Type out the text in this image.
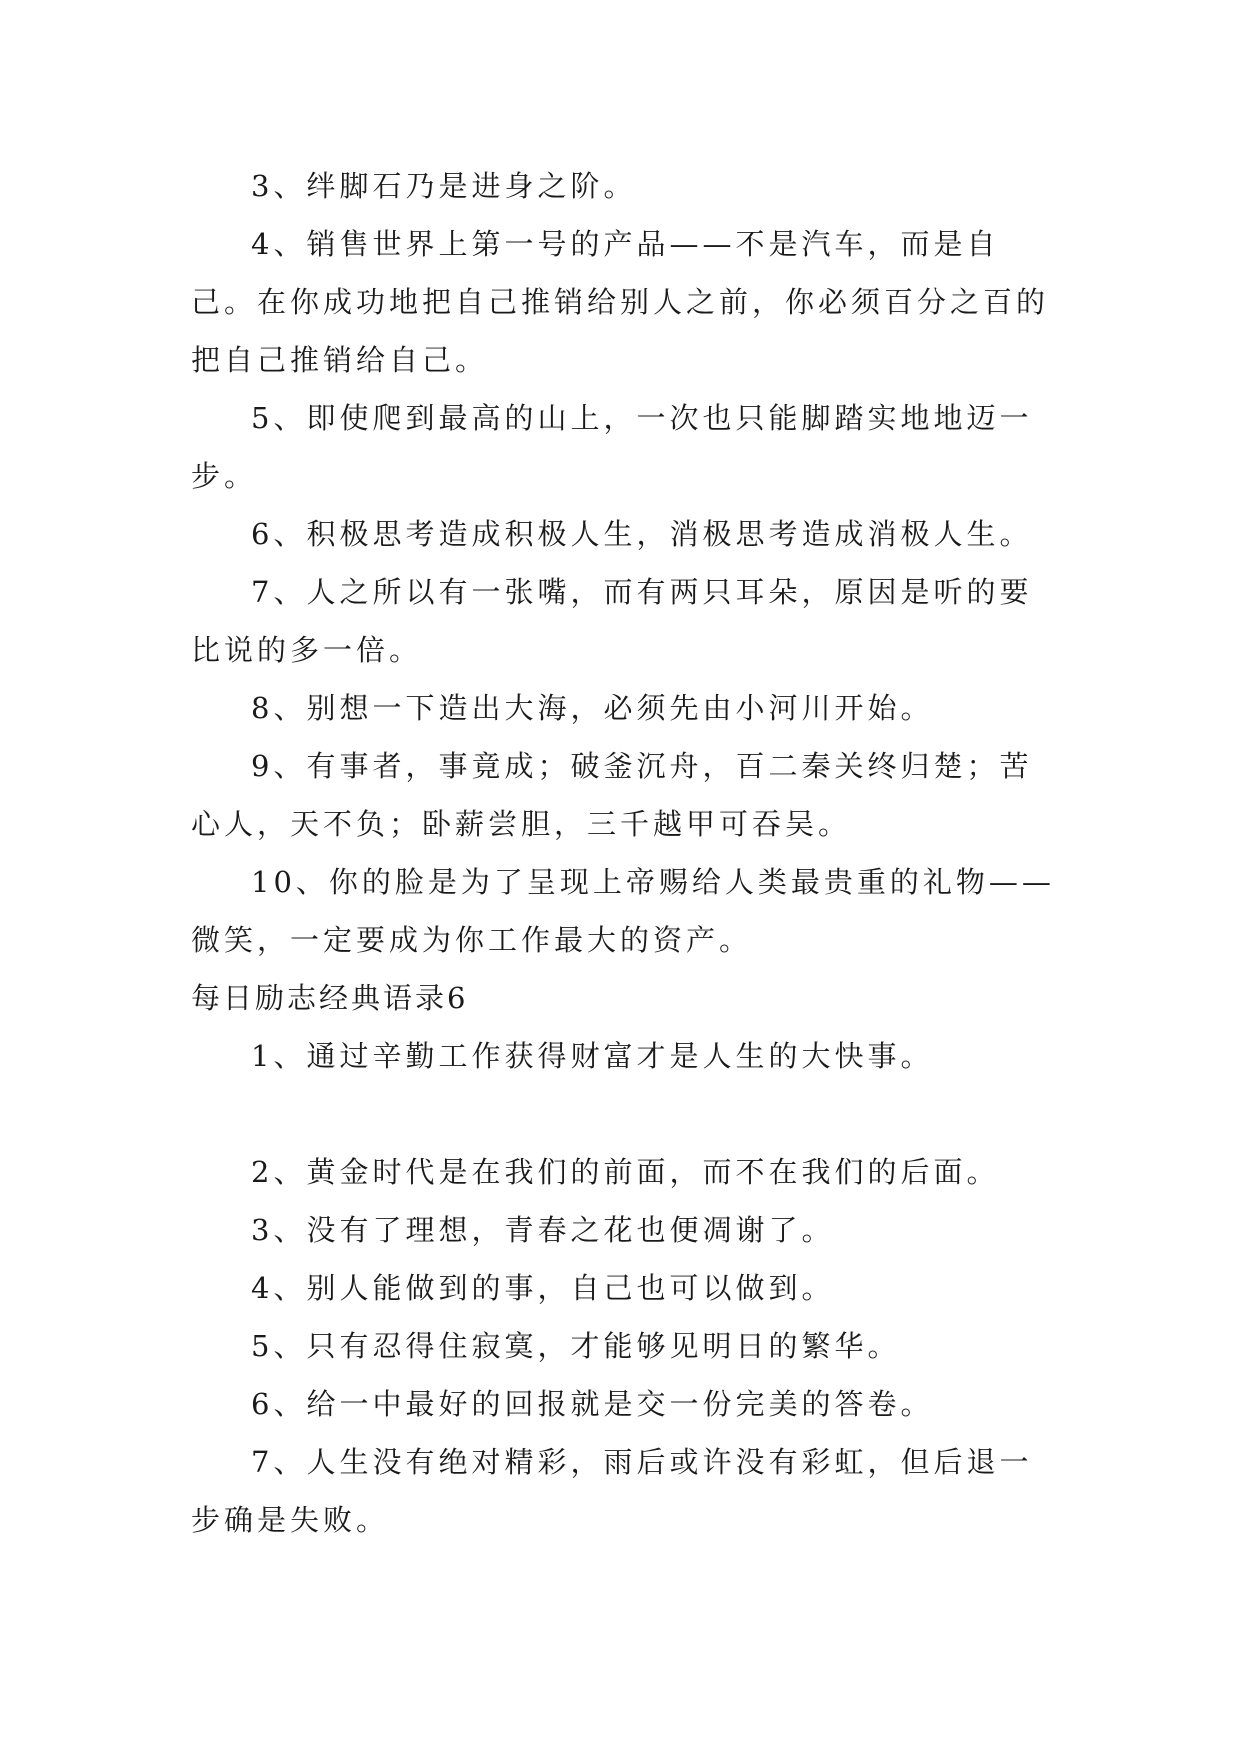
3、绊脚石乃是进身之阶。

4、销售世界上第一号的产品——不是汽车，而是自己。在你成功地把自己推销给别人之前，你必须百分之百的把自己推销给自己。

5、即使爬到最高的山上，一次也只能脚踏实地地迈一步。

6、积极思考造成积极人生，消极思考造成消极人生。

7、人之所以有一张嘴，而有两只耳朵，原因是听的要比说的多一倍。

8、别想一下造出大海，必须先由小河川开始。

9、有事者，事竟成；破釜沉舟，百二秦关终归楚；苦心人，天不负；卧薪尝胆，三千越甲可吞吴。

10、你的脸是为了呈现上帝赐给人类最贵重的礼物——微笑，一定要成为你工作最大的资产。

每日励志经典语录6

1、通过辛勤工作获得财富才是人生的大快事。

2、黄金时代是在我们的前面，而不在我们的后面。

3、没有了理想，青春之花也便凋谢了。

4、别人能做到的事，自己也可以做到。

5、只有忍得住寂寞，才能够见明日的繁华。

6、给一中最好的回报就是交一份完美的答卷。

7、人生没有绝对精彩，雨后或许没有彩虹，但后退一步确是失败。
